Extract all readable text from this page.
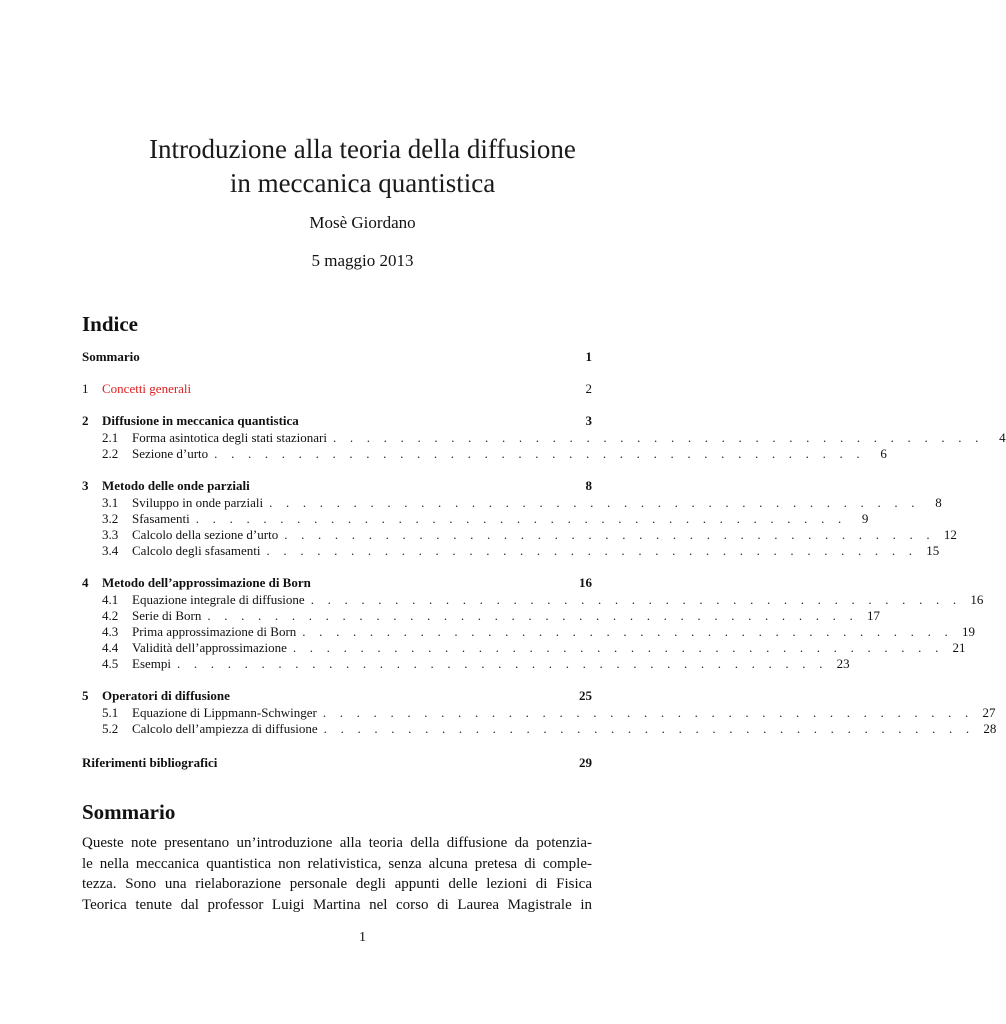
Introduzione alla teoria della diffusione
in meccanica quantistica
Mosè Giordano
5 maggio 2013
Indice
Sommario	1
1	Concetti generali	2
2	Diffusione in meccanica quantistica	3
2.1	Forma asintotica degli stati stazionari . . . . . . . . . . . . . . . . . . . . . . . . . . . . . . . . . . . . . . .	4
2.2	Sezione d’urto . . . . . . . . . . . . . . . . . . . . . . . . . . . . . . . . . . . . . . .	6
3	Metodo delle onde parziali	8
3.1	Sviluppo in onde parziali . . . . . . . . . . . . . . . . . . . . . . . . . . . . . . . . . . . . . . .	8
3.2	Sfasamenti . . . . . . . . . . . . . . . . . . . . . . . . . . . . . . . . . . . . . . .	9
3.3	Calcolo della sezione d’urto . . . . . . . . . . . . . . . . . . . . . . . . . . . . . . . . . . . . . . . 12
3.4	Calcolo degli sfasamenti . . . . . . . . . . . . . . . . . . . . . . . . . . . . . . . . . . . . . . . 15
4	Metodo dell’approssimazione di Born	16
4.1	Equazione integrale di diffusione . . . . . . . . . . . . . . . . . . . . . . . . . . . . . . . . . . . . . . . 16
4.2	Serie di Born . . . . . . . . . . . . . . . . . . . . . . . . . . . . . . . . . . . . . . . 17
4.3	Prima approssimazione di Born . . . . . . . . . . . . . . . . . . . . . . . . . . . . . . . . . . . . . . . 19
4.4	Validità dell’approssimazione . . . . . . . . . . . . . . . . . . . . . . . . . . . . . . . . . . . . . . . 21
4.5	Esempi . . . . . . . . . . . . . . . . . . . . . . . . . . . . . . . . . . . . . . . 23
5	Operatori di diffusione	25
5.1	Equazione di Lippmann-Schwinger . . . . . . . . . . . . . . . . . . . . . . . . . . . . . . . . . . . . . . . 27
5.2	Calcolo dell’ampiezza di diffusione . . . . . . . . . . . . . . . . . . . . . . . . . . . . . . . . . . . . . . . 28
Riferimenti bibliografici	29
Sommario
Queste note presentano un’introduzione alla teoria della diffusione da potenzia-
le nella meccanica quantistica non relativistica, senza alcuna pretesa di comple-
tezza. Sono una rielaborazione personale degli appunti delle lezioni di Fisica
Teorica tenute dal professor Luigi Martina nel corso di Laurea Magistrale in
1
